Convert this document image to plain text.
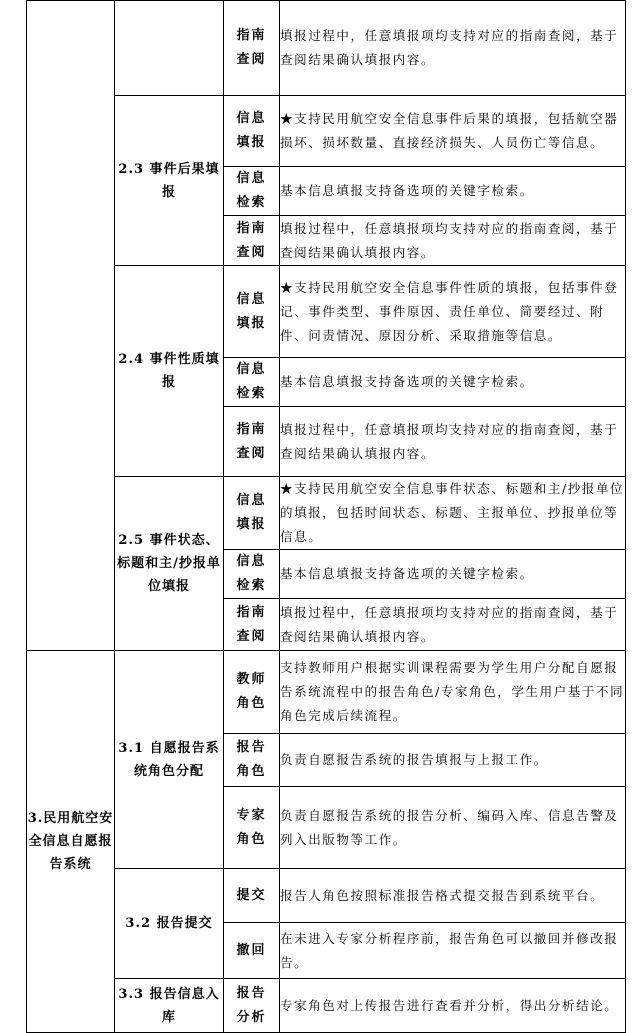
		指南查阅	填报过程中，任意填报项均支持对应的指南查阅，基于查阅结果确认填报内容。
	2.3 事件后果填报	信息填报	★支持民用航空安全信息事件后果的填报，包括航空器损坏、损坏数量、直接经济损失、人员伤亡等信息。
		信息检索	基本信息填报支持备选项的关键字检索。
		指南查阅	填报过程中，任意填报项均支持对应的指南查阅，基于查阅结果确认填报内容。
	2.4 事件性质填报	信息填报	★支持民用航空安全信息事件性质的填报，包括事件登记、事件类型、事件原因、责任单位、简要经过、附件、问责情况、原因分析、采取措施等信息。
		信息检索	基本信息填报支持备选项的关键字检索。
		指南查阅	填报过程中，任意填报项均支持对应的指南查阅，基于查阅结果确认填报内容。
	2.5 事件状态、标题和主/抄报单位填报	信息填报	★支持民用航空安全信息事件状态、标题和主/抄报单位的填报，包括时间状态、标题、主报单位、抄报单位等信息。
		信息检索	基本信息填报支持备选项的关键字检索。
		指南查阅	填报过程中，任意填报项均支持对应的指南查阅，基于查阅结果确认填报内容。
3.民用航空安全信息自愿报告系统	3.1 自愿报告系统角色分配	教师角色	支持教师用户根据实训课程需要为学生用户分配自愿报告系统流程中的报告角色/专家角色，学生用户基于不同角色完成后续流程。
		报告角色	负责自愿报告系统的报告填报与上报工作。
		专家角色	负责自愿报告系统的报告分析、编码入库、信息告警及列入出版物等工作。
	3.2 报告提交	提交	报告人角色按照标准报告格式提交报告到系统平台。
		撤回	在未进入专家分析程序前，报告角色可以撤回并修改报告。
	3.3 报告信息入库	报告分析	专家角色对上传报告进行查看并分析，得出分析结论。
